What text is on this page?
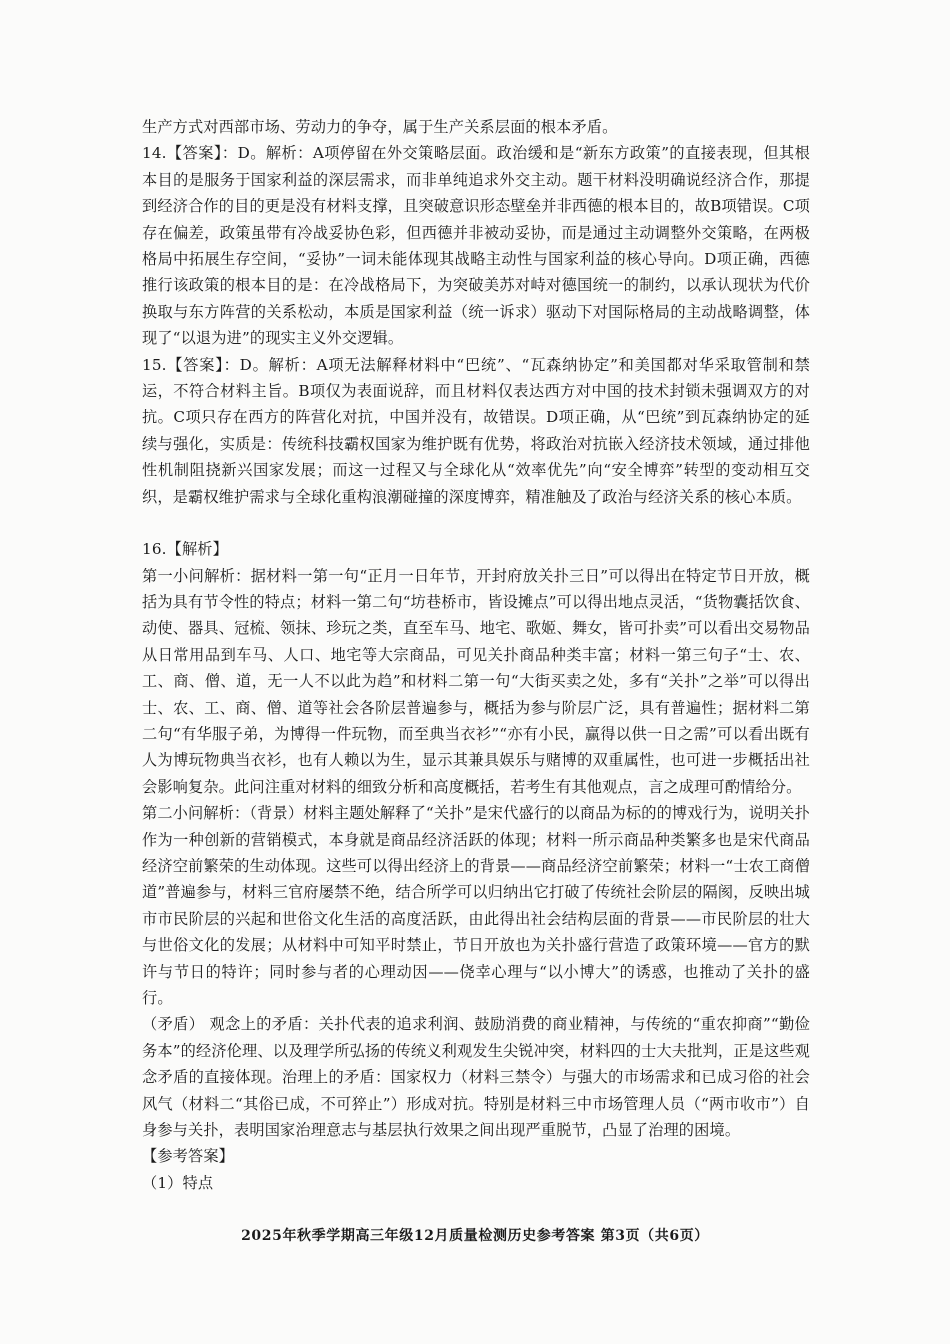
生产方式对西部市场、劳动力的争夺，属于生产关系层面的根本矛盾。

14.【答案】：D。解析：A项停留在外交策略层面。政治缓和是“新东方政策”的直接表现，但其根本目的是服务于国家利益的深层需求，而非单纯追求外交主动。题干材料没明确说经济合作，那提到经济合作的目的更是没有材料支撑，且突破意识形态壁垒并非西德的根本目的，故B项错误。C项存在偏差，政策虽带有冷战妥协色彩，但西德并非被动妥协，而是通过主动调整外交策略，在两极格局中拓展生存空间，“妥协”一词未能体现其战略主动性与国家利益的核心导向。D项正确，西德推行该政策的根本目的是：在冷战格局下，为突破美苏对峙对德国统一的制约，以承认现状为代价换取与东方阵营的关系松动，本质是国家利益（统一诉求）驱动下对国际格局的主动战略调整，体现了“以退为进”的现实主义外交逻辑。

15.【答案】：D。解析：A项无法解释材料中“巴统”、“瓦森纳协定”和美国都对华采取管制和禁运，不符合材料主旨。B项仅为表面说辞，而且材料仅表达西方对中国的技术封锁未强调双方的对抗。C项只存在西方的阵营化对抗，中国并没有，故错误。D项正确，从“巴统”到瓦森纳协定的延续与强化，实质是：传统科技霸权国家为维护既有优势，将政治对抗嵌入经济技术领域，通过排他性机制阻挠新兴国家发展；而这一过程又与全球化从“效率优先”向“安全博弈”转型的变动相互交织，是霸权维护需求与全球化重构浪潮碰撞的深度博弈，精准触及了政治与经济关系的核心本质。

16.【解析】

第一小问解析：据材料一第一句“正月一日年节，开封府放关扑三日”可以得出在特定节日开放，概括为具有节令性的特点；材料一第二句“坊巷桥市，皆设摊点”可以得出地点灵活，“货物囊括饮食、动使、器具、冠梳、领抹、珍玩之类，直至车马、地宅、歌姬、舞女，皆可扑卖”可以看出交易物品从日常用品到车马、人口、地宅等大宗商品，可见关扑商品种类丰富；材料一第三句子“士、农、工、商、僧、道，无一人不以此为趋”和材料二第一句“大街买卖之处，多有“关扑”之举”可以得出士、农、工、商、僧、道等社会各阶层普遍参与，概括为参与阶层广泛，具有普遍性；据材料二第二句“有华服子弟，为博得一件玩物，而至典当衣衫”“亦有小民，赢得以供一日之需”可以看出既有人为博玩物典当衣衫，也有人赖以为生，显示其兼具娱乐与赌博的双重属性，也可进一步概括出社会影响复杂。此问注重对材料的细致分析和高度概括，若考生有其他观点，言之成理可酌情给分。

第二小问解析：（背景）材料主题处解释了“关扑”是宋代盛行的以商品为标的的博戏行为，说明关扑作为一种创新的营销模式，本身就是商品经济活跃的体现；材料一所示商品种类繁多也是宋代商品经济空前繁荣的生动体现。这些可以得出经济上的背景——商品经济空前繁荣；材料一“士农工商僧道”普遍参与，材料三官府屡禁不绝，结合所学可以归纳出它打破了传统社会阶层的隔阂，反映出城市市民阶层的兴起和世俗文化生活的高度活跃，由此得出社会结构层面的背景——市民阶层的壮大与世俗文化的发展；从材料中可知平时禁止，节日开放也为关扑盛行营造了政策环境——官方的默许与节日的特许；同时参与者的心理动因——侥幸心理与“以小博大”的诱惑，也推动了关扑的盛行。

（矛盾） 观念上的矛盾：关扑代表的追求利润、鼓励消费的商业精神，与传统的“重农抑商”“勤俭务本”的经济伦理、以及理学所弘扬的传统义利观发生尖锐冲突，材料四的士大夫批判，正是这些观念矛盾的直接体现。治理上的矛盾：国家权力（材料三禁令）与强大的市场需求和已成习俗的社会风气（材料二“其俗已成，不可猝止”）形成对抗。特别是材料三中市场管理人员（“两市收市”）自身参与关扑，表明国家治理意志与基层执行效果之间出现严重脱节，凸显了治理的困境。

【参考答案】

（1）特点

2025年秋季学期高三年级12月质量检测历史参考答案 第3页（共6页）
